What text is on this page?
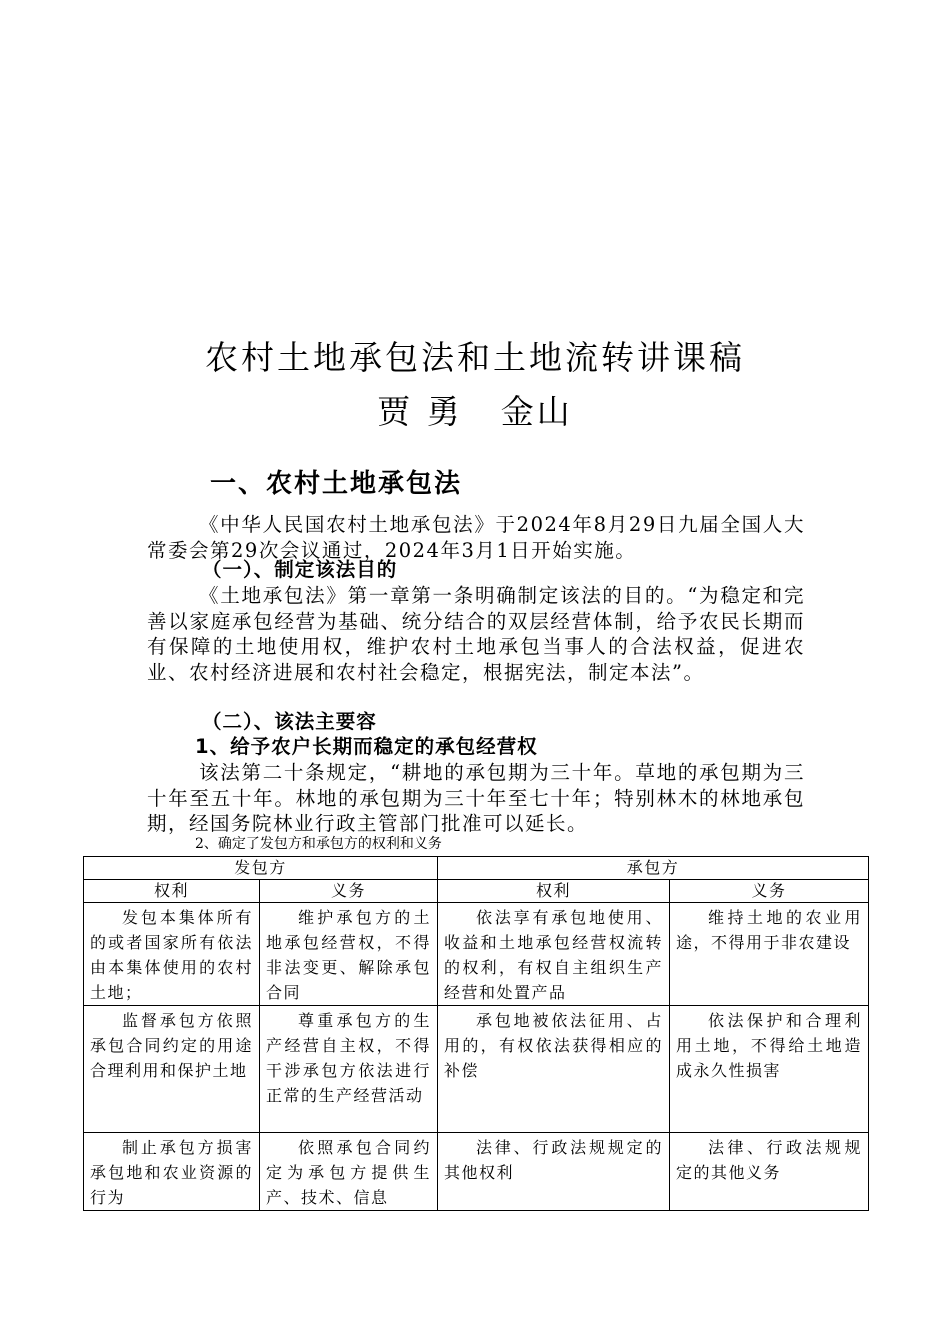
农村土地承包法和土地流转讲课稿
贾 勇 金山
一、农村土地承包法
《中华人民国农村土地承包法》于2024年8月29日九届全国人大常委会第29次会议通过，2024年3月1日开始实施。
（一）、制定该法目的
《土地承包法》第一章第一条明确制定该法的目的。“为稳定和完善以家庭承包经营为基础、统分结合的双层经营体制，给予农民长期而有保障的土地使用权，维护农村土地承包当事人的合法权益，促进农业、农村经济进展和农村社会稳定，根据宪法，制定本法”。
（二）、该法主要容
1、给予农户长期而稳定的承包经营权
该法第二十条规定，“耕地的承包期为三十年。草地的承包期为三十年至五十年。林地的承包期为三十年至七十年；特别林木的林地承包期，经国务院林业行政主管部门批准可以延长。
2、确定了发包方和承包方的权利和义务
发包方		承包方	
权利	义务	权利	义务
发包本集体所有的或者国家所有依法由本集体使用的农村土地；	维护承包方的土地承包经营权，不得非法变更、解除承包合同	依法享有承包地使用、收益和土地承包经营权流转的权利，有权自主组织生产经营和处置产品	维持土地的农业用途，不得用于非农建设
监督承包方依照承包合同约定的用途合理利用和保护土地	尊重承包方的生产经营自主权，不得干涉承包方依法进行正常的生产经营活动	承包地被依法征用、占用的，有权依法获得相应的补偿	依法保护和合理利用土地，不得给土地造成永久性损害
制止承包方损害承包地和农业资源的行为	依照承包合同约定为承包方提供生产、技术、信息	法律、行政法规规定的其他权利	法律、行政法规规定的其他义务
